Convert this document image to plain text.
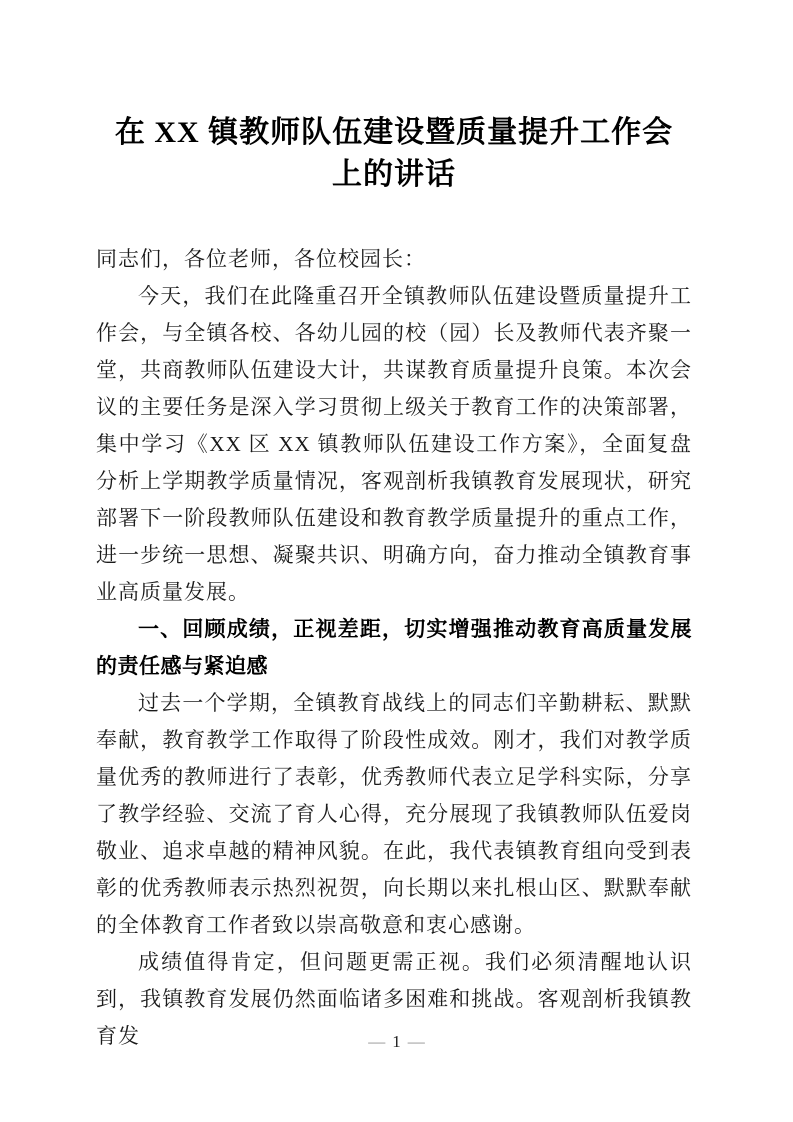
在 XX 镇教师队伍建设暨质量提升工作会
上的讲话

同志们，各位老师，各位校园长：

今天，我们在此隆重召开全镇教师队伍建设暨质量提升工作会，与全镇各校、各幼儿园的校（园）长及教师代表齐聚一堂，共商教师队伍建设大计，共谋教育质量提升良策。本次会议的主要任务是深入学习贯彻上级关于教育工作的决策部署，集中学习《XX 区 XX 镇教师队伍建设工作方案》，全面复盘分析上学期教学质量情况，客观剖析我镇教育发展现状，研究部署下一阶段教师队伍建设和教育教学质量提升的重点工作，进一步统一思想、凝聚共识、明确方向，奋力推动全镇教育事业高质量发展。

一、回顾成绩，正视差距，切实增强推动教育高质量发展的责任感与紧迫感

过去一个学期，全镇教育战线上的同志们辛勤耕耘、默默奉献，教育教学工作取得了阶段性成效。刚才，我们对教学质量优秀的教师进行了表彰，优秀教师代表立足学科实际，分享了教学经验、交流了育人心得，充分展现了我镇教师队伍爱岗敬业、追求卓越的精神风貌。在此，我代表镇教育组向受到表彰的优秀教师表示热烈祝贺，向长期以来扎根山区、默默奉献的全体教育工作者致以崇高敬意和衷心感谢。

成绩值得肯定，但问题更需正视。我们必须清醒地认识到，我镇教育发展仍然面临诸多困难和挑战。客观剖析我镇教育发	— 1 —
